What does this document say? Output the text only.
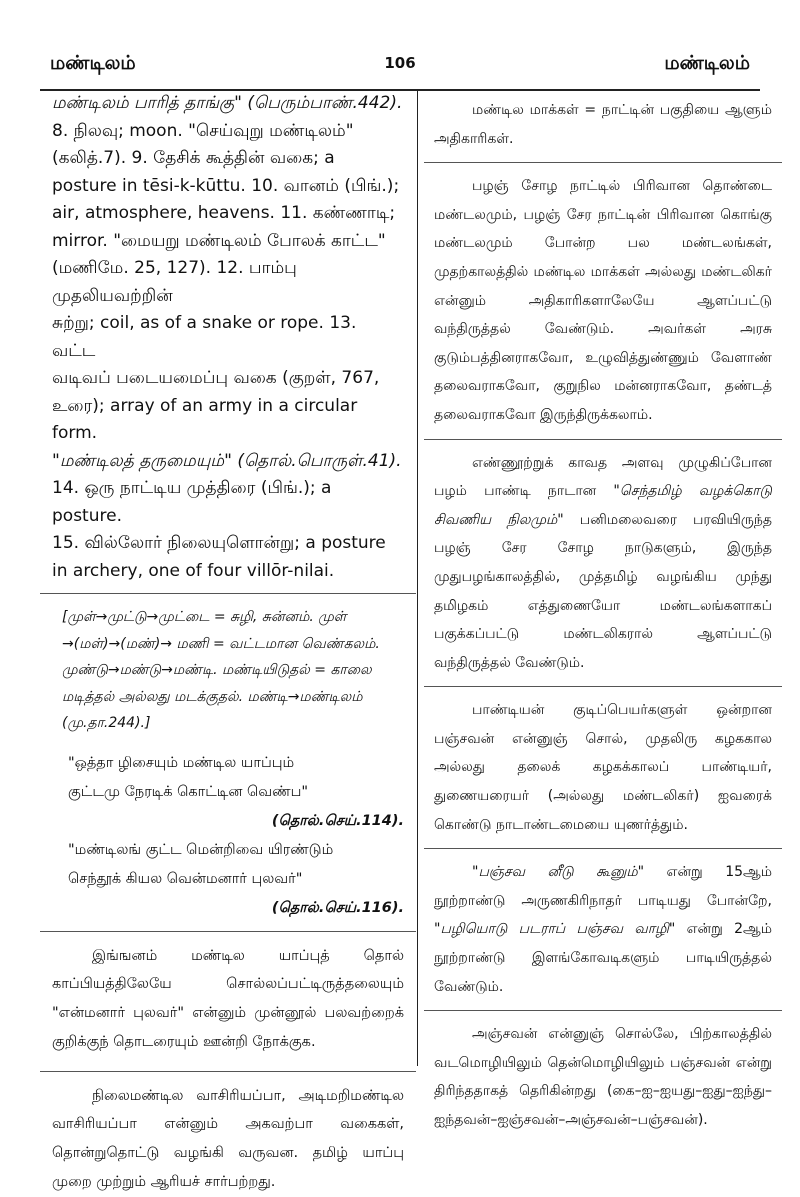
மண்டிலம்	106	மண்டிலம்

மண்டிலம் பாரித் தாங்கு" (பெரும்பாண்.442).

8. நிலவு; moon. "செய்வுறு மண்டிலம்"

(கலித்.7). 9. தேசிக் கூத்தின் வகை; a

posture in tēsi-k-kūttu. 10. வானம் (பிங்.);

air, atmosphere, heavens. 11. கண்ணாடி;

mirror. "மையறு மண்டிலம் போலக் காட்ட"

(மணிமே. 25, 127). 12. பாம்பு முதலியவற்றின்

சுற்று; coil, as of a snake or rope. 13. வட்ட

வடிவப் படையமைப்பு வகை (குறள், 767,

உரை); array of an army in a circular form.

"மண்டிலத் தருமையும்" (தொல்.பொருள்.41).

14. ஒரு நாட்டிய முத்திரை (பிங்.); a posture.

15. வில்லோர் நிலையுளொன்று; a posture

in archery, one of four villōr-nilai.

[முள்→முட்டு→முட்டை = சுழி, சுன்னம். முள்

→(மள்)→(மண்)→ மணி = வட்டமான வெண்கலம்.

முண்டு→மண்டு→மண்டி. மண்டியிடுதல் = காலை

மடித்தல் அல்லது மடக்குதல். மண்டி→மண்டிலம்

(மு.தா.244).]

"ஒத்தா ழிசையும் மண்டில யாப்பும்

குட்டமு நேரடிக் கொட்டின வெண்ப"

(தொல்.செய்.114).

"மண்டிலங் குட்ட மென்றிவை யிரண்டும்

செந்தூக் கியல வென்மனார் புலவர்"

(தொல்.செய்.116).

இங்ஙனம் மண்டில யாப்புத் தொல் காப்பியத்திலேயே சொல்லப்பட்டிருத்தலையும் "என்மனார் புலவர்" என்னும் முன்னூல் பலவற்றைக் குறிக்குந் தொடரையும் ஊன்றி நோக்குக.

நிலைமண்டில வாசிரியப்பா, அடிமறிமண்டில வாசிரியப்பா என்னும் அகவற்பா வகைகள், தொன்றுதொட்டு வழங்கி வருவன. தமிழ் யாப்பு முறை முற்றும் ஆரியச் சார்பற்றது.

மண்டில மாக்கள் = நாட்டின் பகுதியை ஆளும் அதிகாரிகள்.

பழஞ் சோழ நாட்டில் பிரிவான தொண்டை மண்டலமும், பழஞ் சேர நாட்டின் பிரிவான கொங்கு மண்டலமும் போன்ற பல மண்டலங்கள், முதற்காலத்தில் மண்டில மாக்கள் அல்லது மண்டலிகர் என்னும் அதிகாரிகளாலேயே ஆளப்பட்டு வந்திருத்தல் வேண்டும். அவர்கள் அரசு குடும்பத்தினராகவோ, உழுவித்துண்ணும் வேளாண் தலைவராகவோ, குறுநில மன்னராகவோ, தண்டத் தலைவராகவோ இருந்திருக்கலாம்.

எண்ணூற்றுக் காவத அளவு முழுகிப்போன பழம் பாண்டி நாடான "செந்தமிழ் வழக்கொடு சிவணிய நிலமும்" பனிமலைவரை பரவியிருந்த பழஞ் சேர சோழ நாடுகளும், இருந்த முதுபழங்காலத்தில், முத்தமிழ் வழங்கிய முந்து தமிழகம் எத்துணையோ மண்டலங்களாகப் பகுக்கப்பட்டு மண்டலிகரால் ஆளப்பட்டு வந்திருத்தல் வேண்டும்.

பாண்டியன் குடிப்பெயர்களுள் ஒன்றான பஞ்சவன் என்னுஞ் சொல், முதலிரு கழககால அல்லது தலைக் கழகக்காலப் பாண்டியர், துணையரையர் (அல்லது மண்டலிகர்) ஐவரைக் கொண்டு நாடாண்டமையை யுணர்த்தும்.

"பஞ்சவ னீடு கூனும்" என்று 15ஆம் நூற்றாண்டு அருணகிரிநாதர் பாடியது போன்றே, "பழியொடு படராப் பஞ்சவ வாழி" என்று 2ஆம் நூற்றாண்டு இளங்கோவடிகளும் பாடியிருத்தல் வேண்டும்.

அஞ்சவன் என்னுஞ் சொல்லே, பிற்காலத்தில் வடமொழியிலும் தென்மொழியிலும் பஞ்சவன் என்று திரிந்ததாகத் தெரிகின்றது (கை–ஐ–ஐயது–ஐது–ஐந்து–ஐந்தவன்–ஐஞ்சவன்–அஞ்சவன்–பஞ்சவன்).
